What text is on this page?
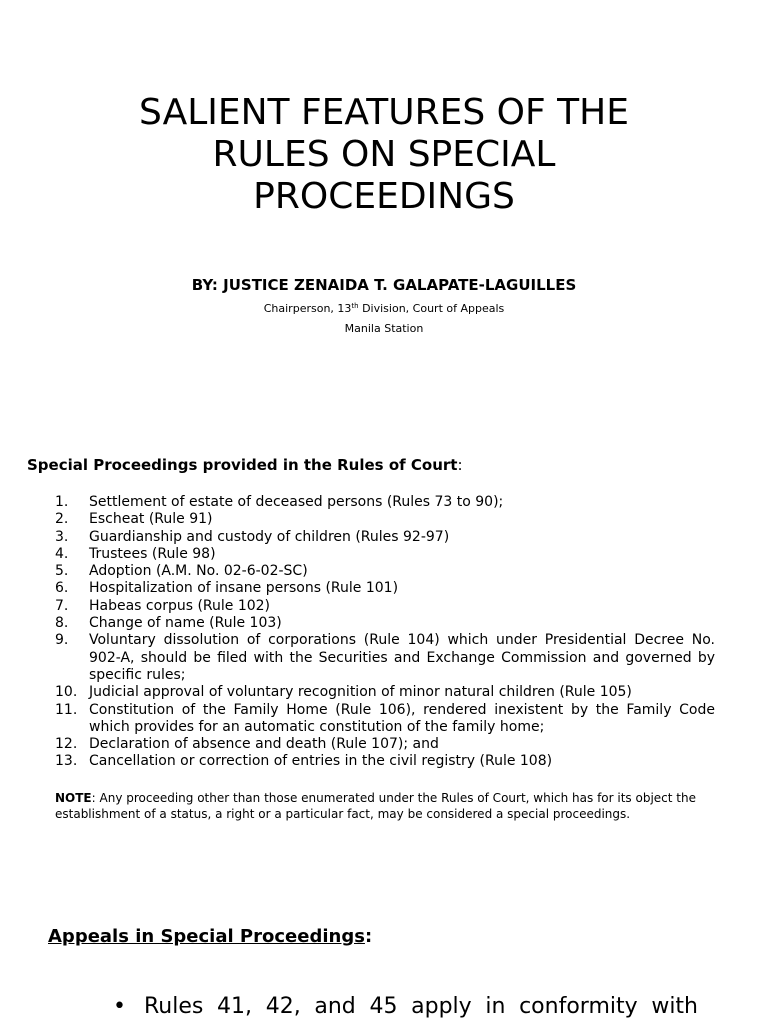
SALIENT FEATURES OF THE
RULES ON SPECIAL
PROCEEDINGS

BY: JUSTICE ZENAIDA T. GALAPATE-LAGUILLES

Chairperson, 13th Division, Court of Appeals

Manila Station

Special Proceedings provided in the Rules of Court:

1.	Settlement of estate of deceased persons (Rules 73 to 90);
2.	Escheat (Rule 91)
3.	Guardianship and custody of children (Rules 92-97)
4.	Trustees (Rule 98)
5.	Adoption (A.M. No. 02-6-02-SC)
6.	Hospitalization of insane persons (Rule 101)
7.	Habeas corpus (Rule 102)
8.	Change of name (Rule 103)
9.	Voluntary dissolution of corporations (Rule 104) which under Presidential Decree No. 902-A, should be filed with the Securities and Exchange Commission and governed by specific rules;
10. Judicial approval of voluntary recognition of minor natural children (Rule 105)
11. Constitution of the Family Home (Rule 106), rendered inexistent by the Family Code which provides for an automatic constitution of the family home;
12. Declaration of absence and death (Rule 107); and
13. Cancellation or correction of entries in the civil registry (Rule 108)

NOTE: Any proceeding other than those enumerated under the Rules of Court, which has for its object the establishment of a status, a right or a particular fact, may be considered a special proceedings.

Appeals in Special Proceedings:

• Rules 41, 42, and 45 apply in conformity with
